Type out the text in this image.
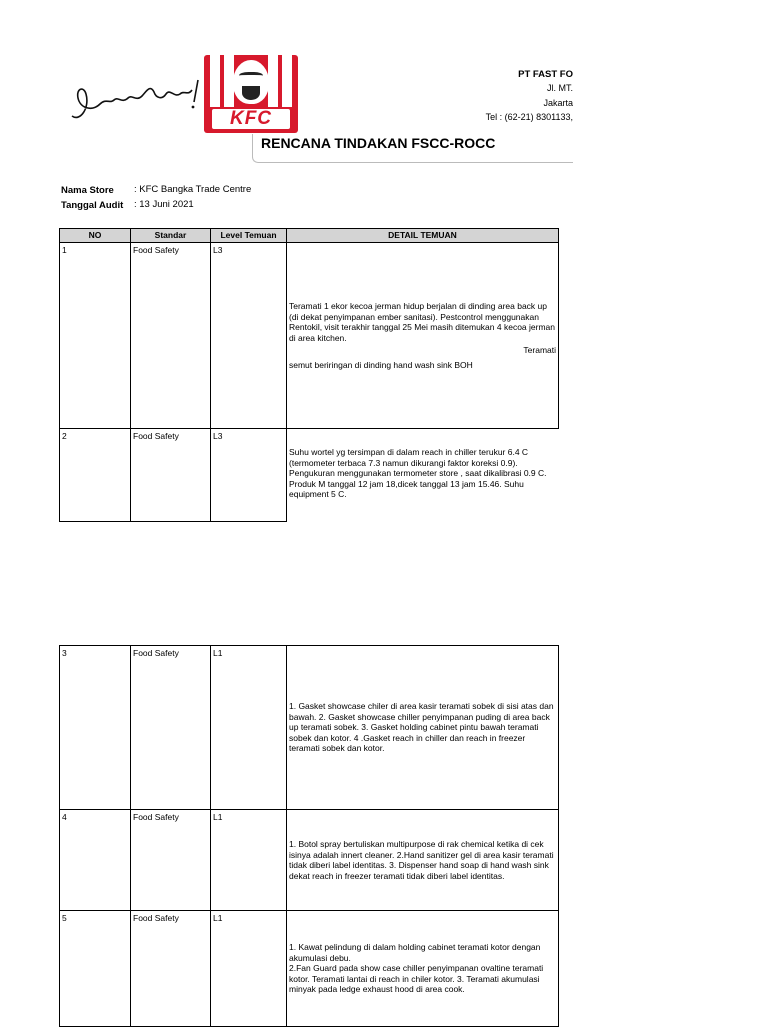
KFC
PT FAST FO
Jl. MT.
Jakarta
Tel : (62-21) 8301133,
RENCANA TINDAKAN FSCC-ROCC
Nama Store : KFC Bangka Trade Centre
Tanggal Audit : 13 Juni 2021
NO	Standar	Level Temuan	DETAIL TEMUAN
1	Food Safety	L3	Teramati 1 ekor kecoa jerman hidup berjalan di dinding area back up (di dekat penyimpanan ember sanitasi). Pestcontrol menggunakan Rentokil, visit terakhir tanggal 25 Mei masih ditemukan 4 kecoa jerman di area kitchen.
Teramati
semut beriringan di dinding hand wash sink BOH

2	Food Safety	L3	Suhu wortel yg tersimpan di dalam reach in chiller terukur 6.4 C (termometer terbaca 7.3 namun dikurangi faktor koreksi 0.9). Pengukuran menggunakan termometer store , saat dikalibrasi 0.9 C. Produk M tanggal 12 jam 18,dicek tanggal 13 jam 15.46. Suhu equipment 5 C.
3	Food Safety	L1	1. Gasket showcase chiler di area kasir teramati sobek di sisi atas dan bawah. 2. Gasket showcase chiller penyimpanan puding di area back up teramati sobek. 3. Gasket holding cabinet pintu bawah teramati sobek dan kotor. 4 .Gasket reach in chiller dan reach in freezer teramati sobek dan kotor.

4	Food Safety	L1	1. Botol spray bertuliskan multipurpose di rak chemical ketika di cek isinya adalah innert cleaner. 2.Hand sanitizer gel di area kasir teramati tidak diberi label identitas. 3. Dispenser hand soap di hand wash sink dekat reach in freezer teramati tidak diberi label identitas.

5	Food Safety	L1	1. Kawat pelindung di dalam holding cabinet teramati kotor dengan akumulasi debu.
2.Fan Guard pada show case chiller penyimpanan ovaltine teramati kotor. Teramati lantai di reach in chiler kotor. 3. Teramati akumulasi minyak pada ledge exhaust hood di area cook.
